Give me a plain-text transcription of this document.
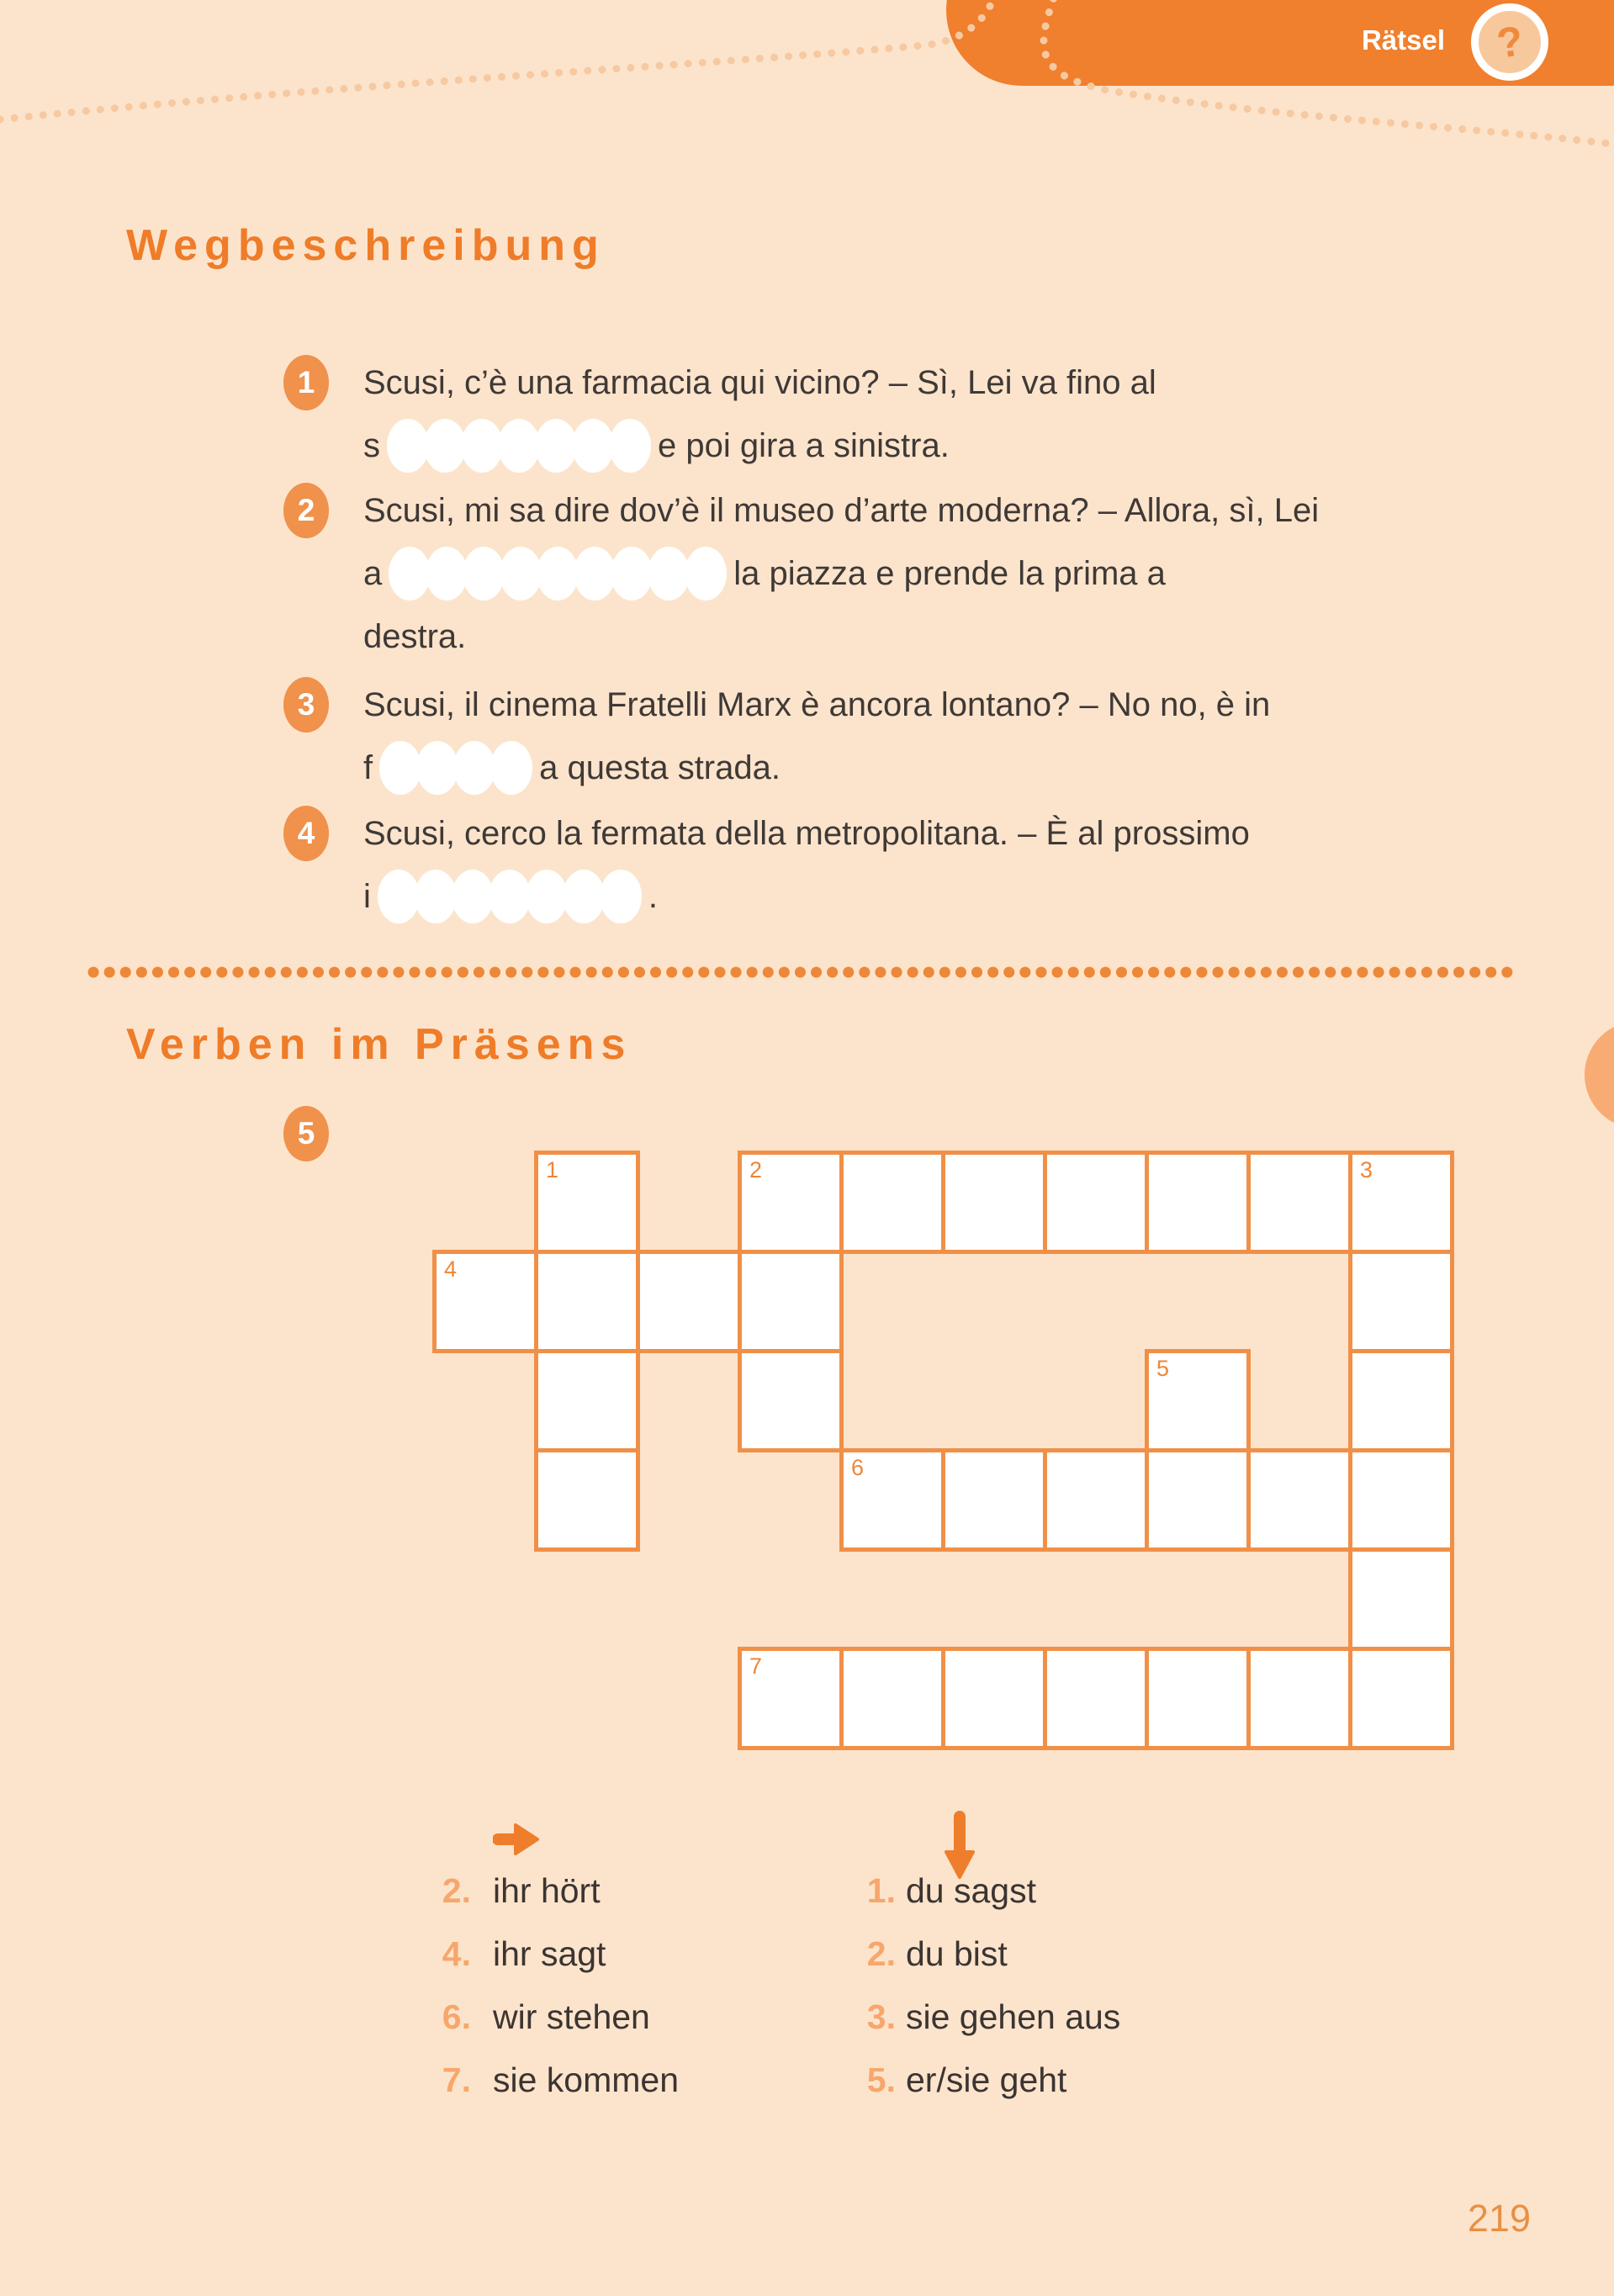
Rätsel ?
Wegbeschreibung
Verben im Präsens
1 Scusi, c’è una farmacia qui vicino? – Sì, Lei va fino al
s	e poi gira a sinistra.
2 Scusi, mi sa dire dov’è il museo d’arte moderna? – Allora, sì, Lei
a	la piazza e prende la prima a
destra.
3 Scusi, il cinema Fratelli Marx è ancora lontano? – No no, è in
f	a questa strada.
4 Scusi, cerco la fermata della metropolitana. – È al prossimo
i	.
5
1	2	3
4
5
6
7
2. ihr hört
4. ihr sagt
6. wir stehen
7. sie kommen
1. du sagst
2. du bist
3. sie gehen aus
5. er/sie geht
219
